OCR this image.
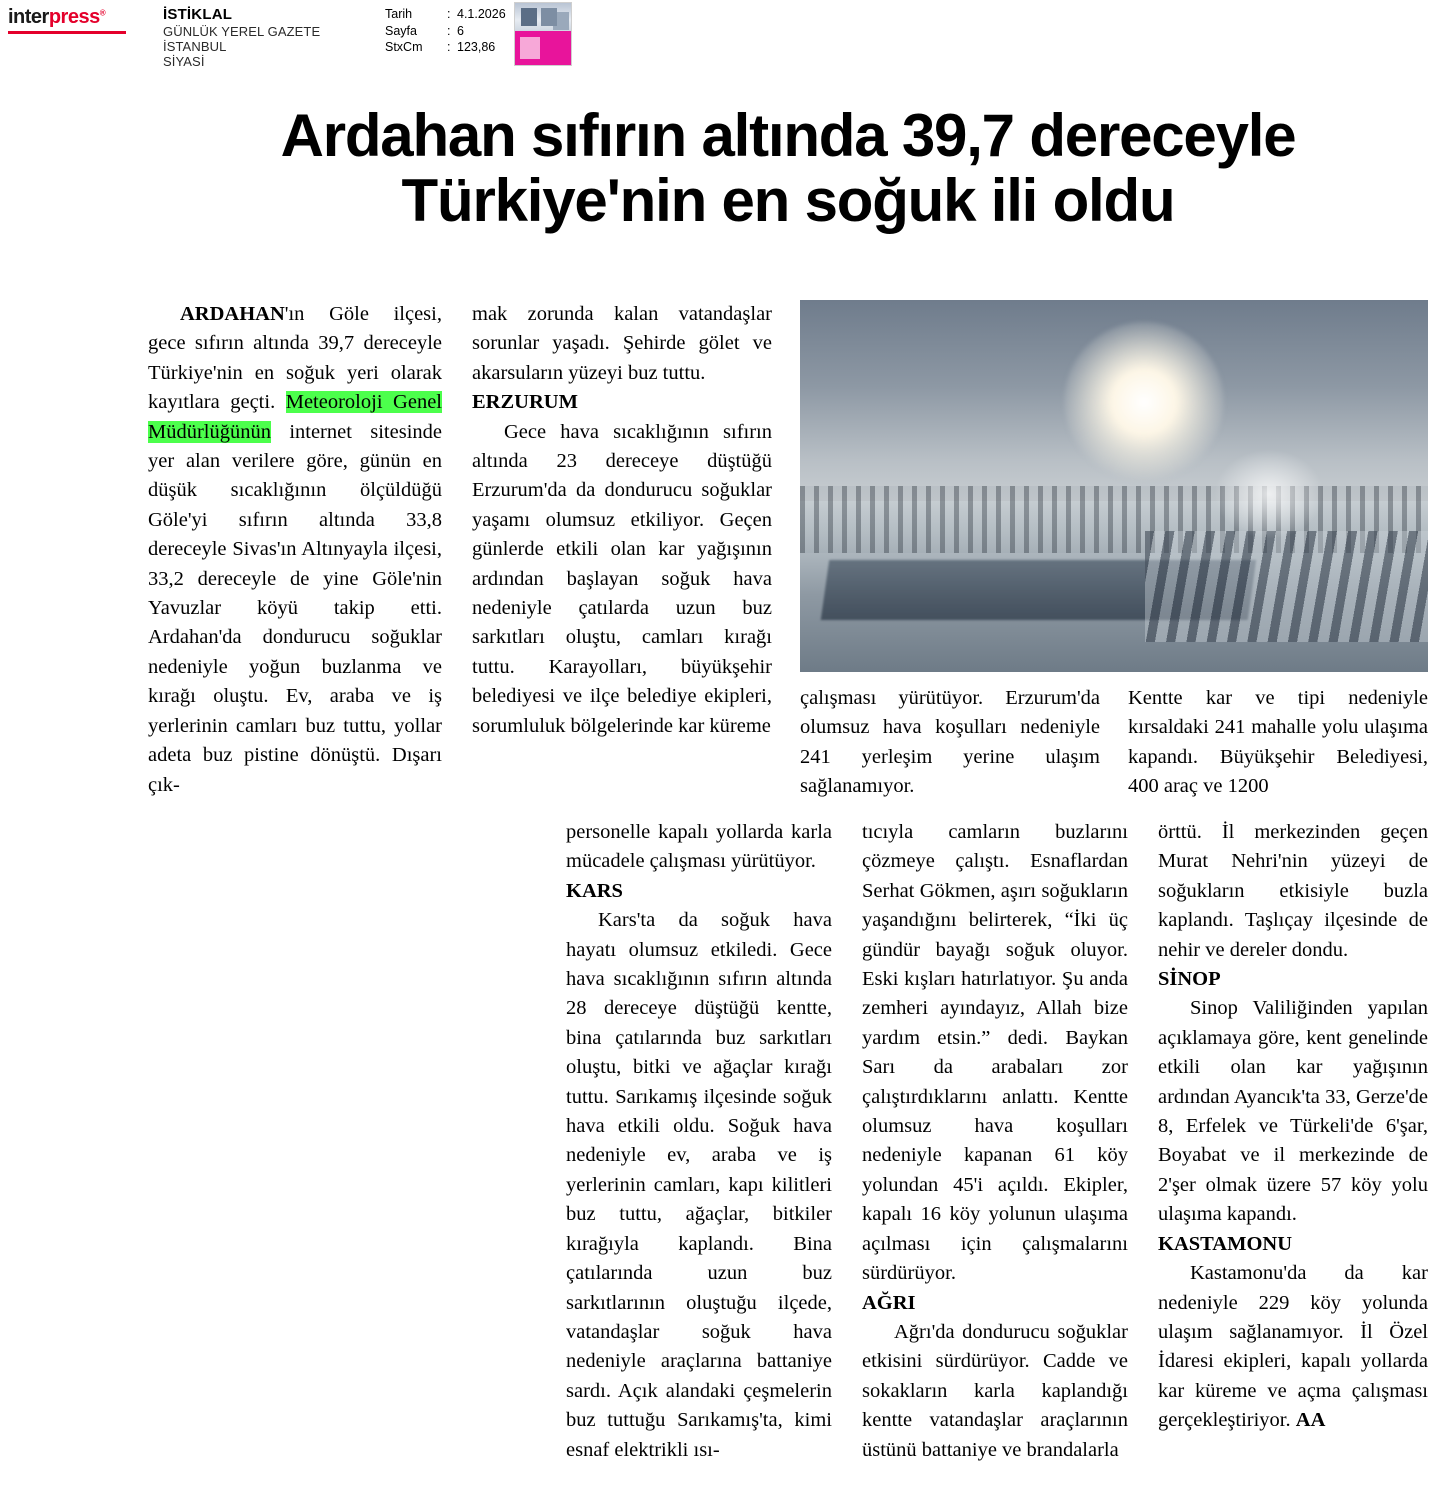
interpress®	İSTİKLAL
GÜNLÜK YEREL GAZETE
İSTANBUL
SİYASİ
Tarih	: 4.1.2026
Sayfa : 6
StxCm : 123,86
Ardahan sıfırın altında 39,7 dereceyle
Türkiye'nin en soğuk ili oldu

ARDAHAN'ın Göle ilçesi, gece sıfırın altında 39,7 dereceyle Türkiye'nin en soğuk yeri olarak kayıtlara geçti. Meteoroloji Genel Müdürlüğünün internet sitesinde yer alan verilere göre, günün en düşük sıcaklığının ölçüldüğü Göle'yi sıfırın altında 33,8 dereceyle Sivas'ın Altınyayla ilçesi, 33,2 dereceyle de yine Göle'nin Yavuzlar köyü takip etti. Ardahan'da dondurucu soğuklar nedeniyle yoğun buzlanma ve kırağı oluştu. Ev, araba ve iş yerlerinin camları buz tuttu, yollar adeta buz pistine dönüştü. Dışarı çık-

mak zorunda kalan vatandaşlar sorunlar yaşadı. Şehirde gölet ve akarsuların yüzeyi buz tuttu.

ERZURUM

Gece hava sıcaklığının sıfırın altında 23 dereceye düştüğü Erzurum'da da dondurucu soğuklar yaşamı olumsuz etkiliyor. Geçen günlerde etkili olan kar yağışının ardından başlayan soğuk hava nedeniyle çatılarda uzun buz sarkıtları oluştu, camları kırağı tuttu. Karayolları, büyükşehir belediyesi ve ilçe belediye ekipleri, sorumluluk bölgelerinde kar küreme

çalışması yürütüyor. Erzurum'da olumsuz hava koşulları nedeniyle 241 yerleşim yerine ulaşım sağlanamıyor.

Kentte kar ve tipi nedeniyle kırsaldaki 241 mahalle yolu ulaşıma kapandı. Büyükşehir Belediyesi, 400 araç ve 1200

personelle kapalı yollarda karla mücadele çalışması yürütüyor.

KARS

Kars'ta da soğuk hava hayatı olumsuz etkiledi. Gece hava sıcaklığının sıfırın altında 28 dereceye düştüğü kentte, bina çatılarında buz sarkıtları oluştu, bitki ve ağaçlar kırağı tuttu. Sarıkamış ilçesinde soğuk hava etkili oldu. Soğuk hava nedeniyle ev, araba ve iş yerlerinin camları, kapı kilitleri buz tuttu, ağaçlar, bitkiler kırağıyla kaplandı. Bina çatılarında uzun buz sarkıtlarının oluştuğu ilçede, vatandaşlar soğuk hava nedeniyle araçlarına battaniye sardı. Açık alandaki çeşmelerin buz tuttuğu Sarıkamış'ta, kimi esnaf elektrikli ısı-

tıcıyla camların buzlarını çözmeye çalıştı. Esnaflardan Serhat Gökmen, aşırı soğukların yaşandığını belirterek, “İki üç gündür bayağı soğuk oluyor. Eski kışları hatırlatıyor. Şu anda zemheri ayındayız, Allah bize yardım etsin.” dedi. Baykan Sarı da arabaları zor çalıştırdıklarını anlattı. Kentte olumsuz hava koşulları nedeniyle kapanan 61 köy yolundan 45'i açıldı. Ekipler, kapalı 16 köy yolunun ulaşıma açılması için çalışmalarını sürdürüyor.

AĞRI

Ağrı'da dondurucu soğuklar etkisini sürdürüyor. Cadde ve sokakların karla kaplandığı kentte vatandaşlar araçlarının üstünü battaniye ve brandalarla

örttü. İl merkezinden geçen Murat Nehri'nin yüzeyi de soğukların etkisiyle buzla kaplandı. Taşlıçay ilçesinde de nehir ve dereler dondu.

SİNOP

Sinop Valiliğinden yapılan açıklamaya göre, kent genelinde etkili olan kar yağışının ardından Ayancık'ta 33, Gerze'de 8, Erfelek ve Türkeli'de 6'şar, Boyabat ve il merkezinde de 2'şer olmak üzere 57 köy yolu ulaşıma kapandı.

KASTAMONU

Kastamonu'da da kar nedeniyle 229 köy yolunda ulaşım sağlanamıyor. İl Özel İdaresi ekipleri, kapalı yollarda kar küreme ve açma çalışması gerçekleştiriyor. AA
